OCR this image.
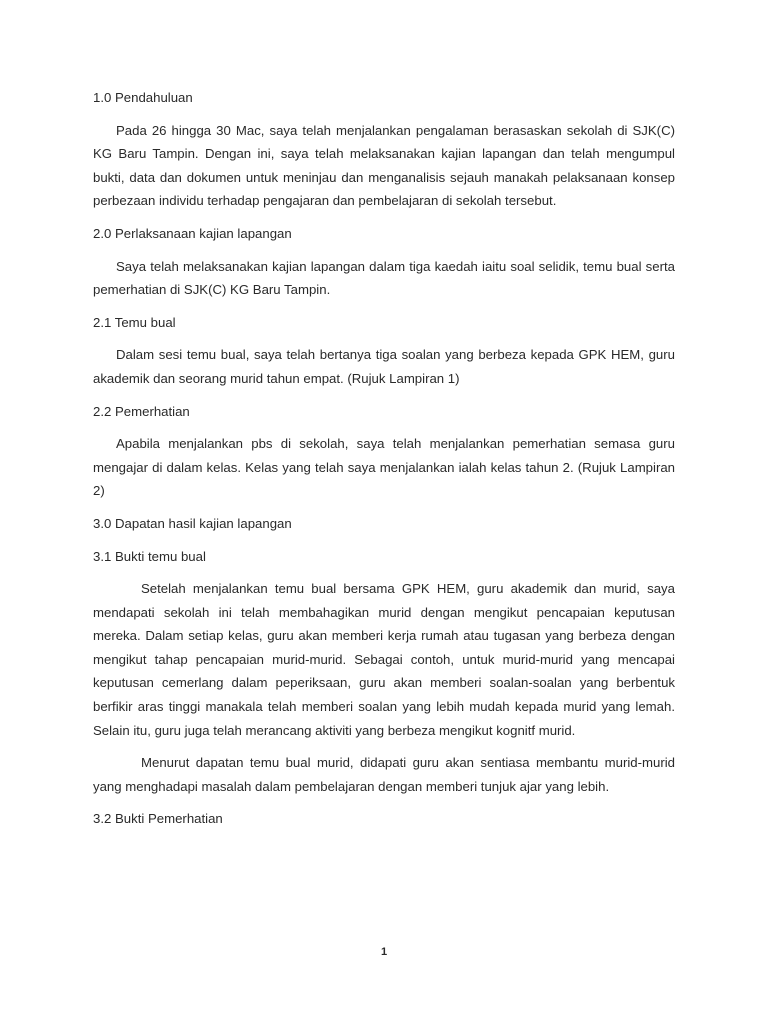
1.0 Pendahuluan

Pada 26 hingga 30 Mac, saya telah menjalankan pengalaman berasaskan sekolah di SJK(C) KG Baru Tampin. Dengan ini, saya telah melaksanakan kajian lapangan dan telah mengumpul bukti, data dan dokumen untuk meninjau dan menganalisis sejauh manakah pelaksanaan konsep perbezaan individu terhadap pengajaran dan pembelajaran di sekolah tersebut.

2.0 Perlaksanaan kajian lapangan

Saya telah melaksanakan kajian lapangan dalam tiga kaedah iaitu soal selidik, temu bual serta pemerhatian di SJK(C) KG Baru Tampin.

2.1 Temu bual

Dalam sesi temu bual, saya telah bertanya tiga soalan yang berbeza kepada GPK HEM, guru akademik dan seorang murid tahun empat. (Rujuk Lampiran 1)

2.2 Pemerhatian

Apabila menjalankan pbs di sekolah, saya telah menjalankan pemerhatian semasa guru mengajar di dalam kelas. Kelas yang telah saya menjalankan ialah kelas tahun 2. (Rujuk Lampiran 2)

3.0 Dapatan hasil kajian lapangan

3.1 Bukti temu bual

Setelah menjalankan temu bual bersama GPK HEM, guru akademik dan murid, saya mendapati sekolah ini telah membahagikan murid dengan mengikut pencapaian keputusan mereka. Dalam setiap kelas, guru akan memberi kerja rumah atau tugasan yang berbeza dengan mengikut tahap pencapaian murid-murid. Sebagai contoh, untuk murid-murid yang mencapai keputusan cemerlang dalam peperiksaan, guru akan memberi soalan-soalan yang berbentuk berfikir aras tinggi manakala telah memberi soalan yang lebih mudah kepada murid yang lemah. Selain itu, guru juga telah merancang aktiviti yang berbeza mengikut kognitf murid.

Menurut dapatan temu bual murid, didapati guru akan sentiasa membantu murid-murid yang menghadapi masalah dalam pembelajaran dengan memberi tunjuk ajar yang lebih.

3.2 Bukti Pemerhatian

1
